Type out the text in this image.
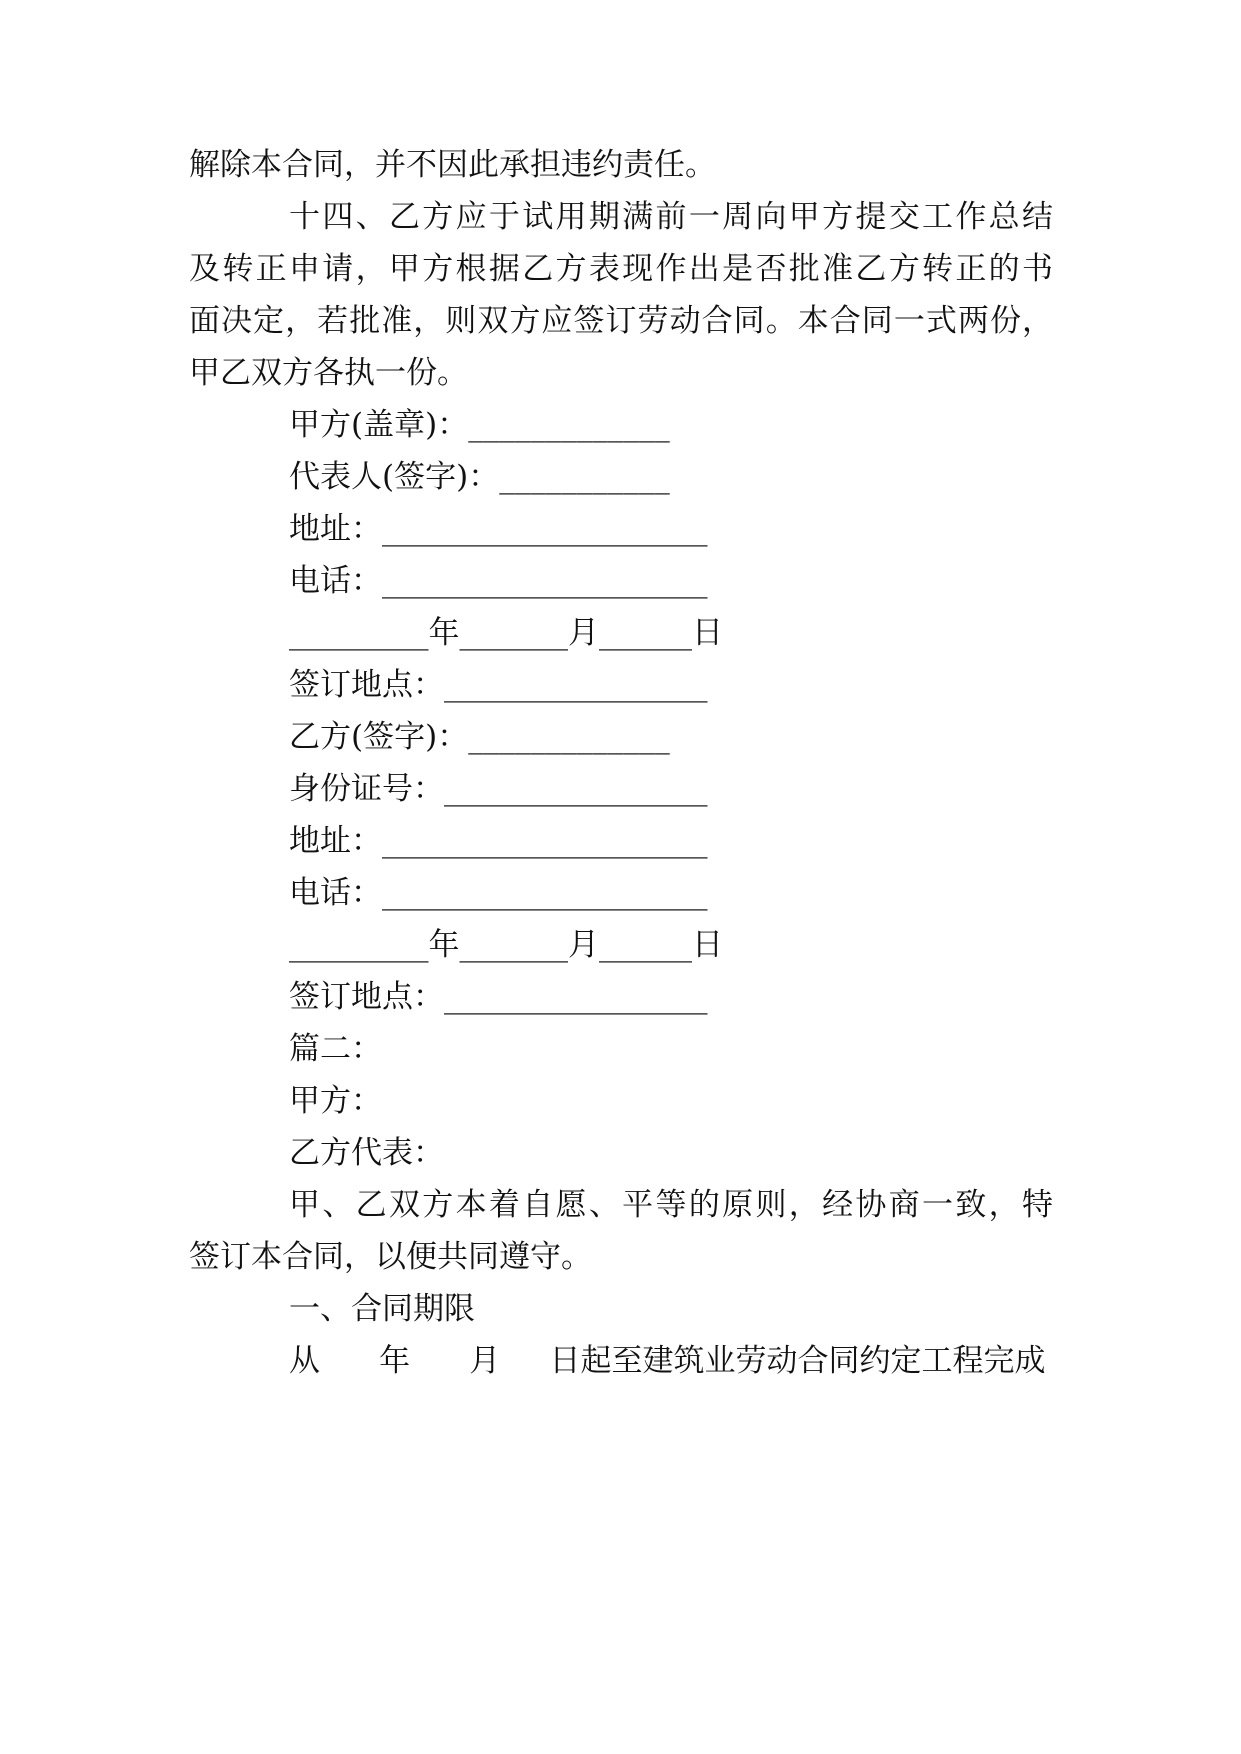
解除本合同，并不因此承担违约责任。
十四、乙方应于试用期满前一周向甲方提交工作总结
及转正申请，甲方根据乙方表现作出是否批准乙方转正的书
面决定，若批准，则双方应签订劳动合同。本合同一式两份，
甲乙双方各执一份。
甲方(盖章)：_____________
代表人(签字)：___________
地址：_____________________
电话：_____________________
_________年_______月______日
签订地点：_________________
乙方(签字)：_____________
身份证号：_________________
地址：_____________________
电话：_____________________
_________年_______月______日
签订地点：_________________
篇二：
甲方：
乙方代表：
甲、乙双方本着自愿、平等的原则，经协商一致，特
签订本合同，以便共同遵守。
一、合同期限
从      年      月     日起至建筑业劳动合同约定工程完成
